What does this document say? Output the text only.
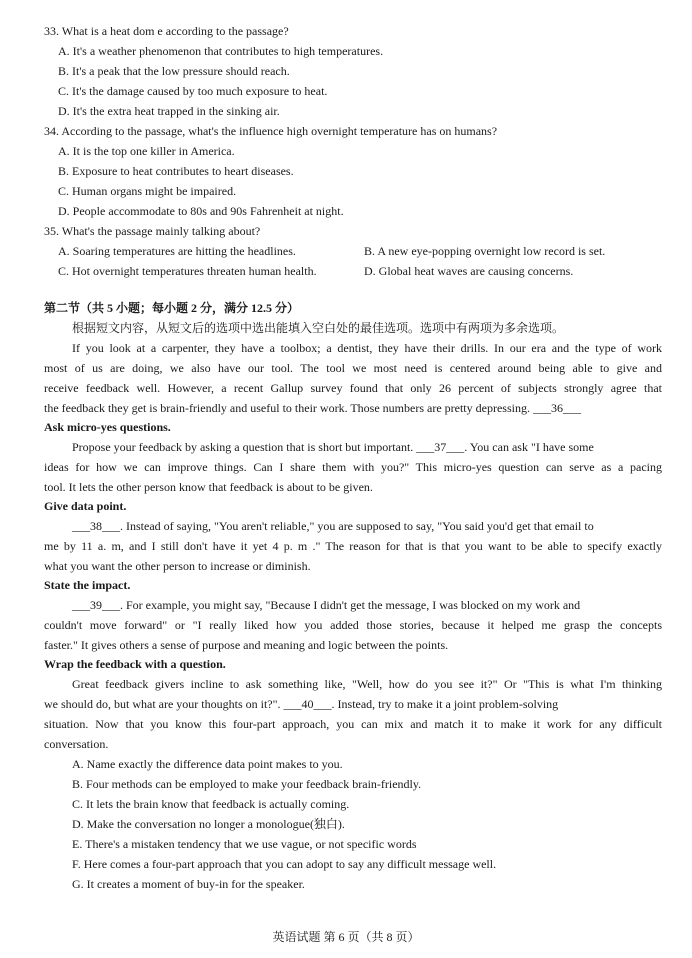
33. What is a heat dom e according to the passage?
A. It's a weather phenomenon that contributes to high temperatures.
B. It's a peak that the low pressure should reach.
C. It's the damage caused by too much exposure to heat.
D. It's the extra heat trapped in the sinking air.
34. According to the passage, what's the influence high overnight temperature has on humans?
A. It is the top one killer in America.
B. Exposure to heat contributes to heart diseases.
C. Human organs might be impaired.
D. People accommodate to 80s and 90s Fahrenheit at night.
35. What's the passage mainly talking about?
A. Soaring temperatures are hitting the headlines.	B. A new eye-popping overnight low record is set.
C. Hot overnight temperatures threaten human health.	D. Global heat waves are causing concerns.
第二节（共 5 小题；每小题 2 分，满分 12.5 分）
根据短文内容，从短文后的选项中选出能填入空白处的最佳选项。选项中有两项为多余选项。
If you look at a carpenter, they have a toolbox; a dentist, they have their drills. In our era and the type of work
most of us are doing, we also have our tool. The tool we most need is centered around being able to give and
receive feedback well. However, a recent Gallup survey found that only 26 percent of subjects strongly agree that
the feedback they get is brain-friendly and useful to their work. Those numbers are pretty depressing. ___36___
Ask micro-yes questions.
Propose your feedback by asking a question that is short but important. ___37___. You can ask "I have some
ideas for how we can improve things. Can I share them with you?" This micro-yes question can serve as a pacing
tool. It lets the other person know that feedback is about to be given.
Give data point.
___38___. Instead of saying, "You aren't reliable," you are supposed to say, "You said you'd get that email to
me by 11 a. m, and I still don't have it yet 4 p. m ." The reason for that is that you want to be able to specify exactly
what you want the other person to increase or diminish.
State the impact.
___39___. For example, you might say, "Because I didn't get the message, I was blocked on my work and
couldn't move forward" or "I really liked how you added those stories, because it helped me grasp the concepts
faster." It gives others a sense of purpose and meaning and logic between the points.
Wrap the feedback with a question.
Great feedback givers incline to ask something like, "Well, how do you see it?" Or "This is what I'm thinking
we should do, but what are your thoughts on it?". ___40___. Instead, try to make it a joint problem-solving
situation. Now that you know this four-part approach, you can mix and match it to make it work for any difficult
conversation.
A. Name exactly the difference data point makes to you.
B. Four methods can be employed to make your feedback brain-friendly.
C. It lets the brain know that feedback is actually coming.
D. Make the conversation no longer a monologue(独白).
E. There's a mistaken tendency that we use vague, or not specific words
F. Here comes a four-part approach that you can adopt to say any difficult message well.
G. It creates a moment of buy-in for the speaker.
英语试题 第 6 页（共 8 页）
